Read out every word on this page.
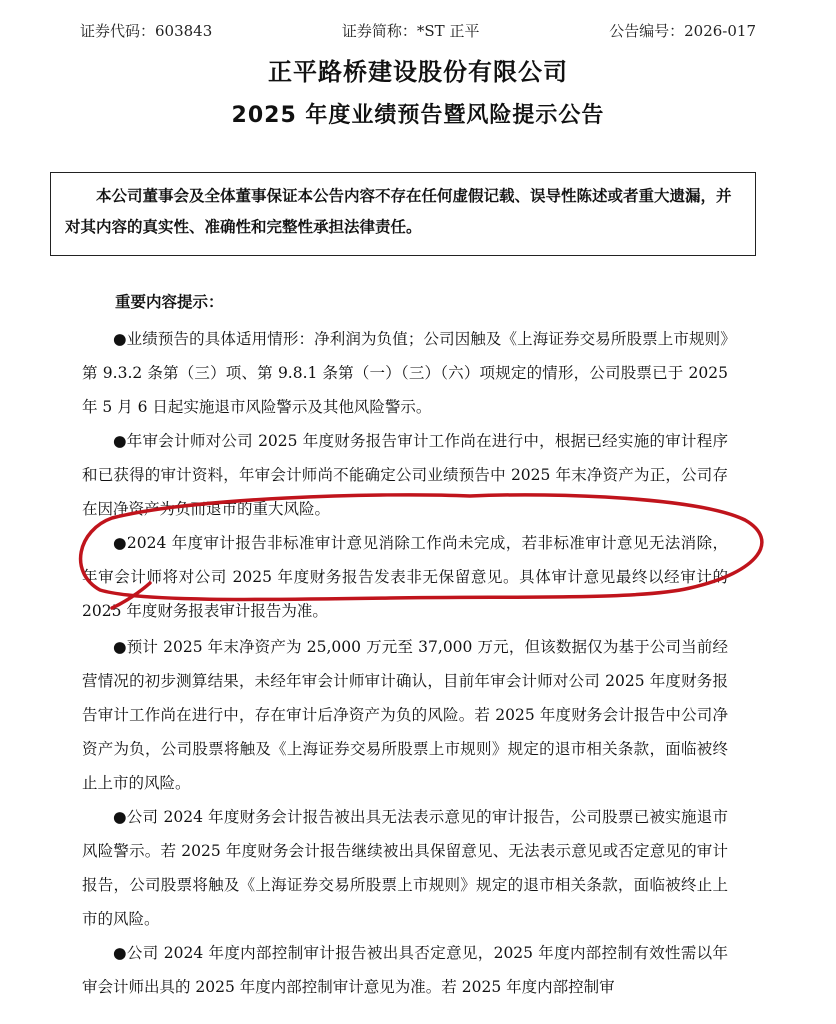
证券代码：603843	证券简称：*ST 正平	公告编号：2026-017
正平路桥建设股份有限公司
2025 年度业绩预告暨风险提示公告
本公司董事会及全体董事保证本公告内容不存在任何虚假记载、误导性陈述或者重大遗漏，并对其内容的真实性、准确性和完整性承担法律责任。
重要内容提示：
●业绩预告的具体适用情形：净利润为负值；公司因触及《上海证券交易所股票上市规则》第 9.3.2 条第（三）项、第 9.8.1 条第（一）（三）（六）项规定的情形，公司股票已于 2025 年 5 月 6 日起实施退市风险警示及其他风险警示。
●年审会计师对公司 2025 年度财务报告审计工作尚在进行中，根据已经实施的审计程序和已获得的审计资料，年审会计师尚不能确定公司业绩预告中 2025 年末净资产为正，公司存在因净资产为负而退市的重大风险。
●2024 年度审计报告非标准审计意见消除工作尚未完成，若非标准审计意见无法消除，年审会计师将对公司 2025 年度财务报告发表非无保留意见。具体审计意见最终以经审计的 2025 年度财务报表审计报告为准。
●预计 2025 年末净资产为 25,000 万元至 37,000 万元，但该数据仅为基于公司当前经营情况的初步测算结果，未经年审会计师审计确认，目前年审会计师对公司 2025 年度财务报告审计工作尚在进行中，存在审计后净资产为负的风险。若 2025 年度财务会计报告中公司净资产为负，公司股票将触及《上海证券交易所股票上市规则》规定的退市相关条款，面临被终止上市的风险。
●公司 2024 年度财务会计报告被出具无法表示意见的审计报告，公司股票已被实施退市风险警示。若 2025 年度财务会计报告继续被出具保留意见、无法表示意见或否定意见的审计报告，公司股票将触及《上海证券交易所股票上市规则》规定的退市相关条款，面临被终止上市的风险。
●公司 2024 年度内部控制审计报告被出具否定意见，2025 年度内部控制有效性需以年审会计师出具的 2025 年度内部控制审计意见为准。若 2025 年度内部控制审
